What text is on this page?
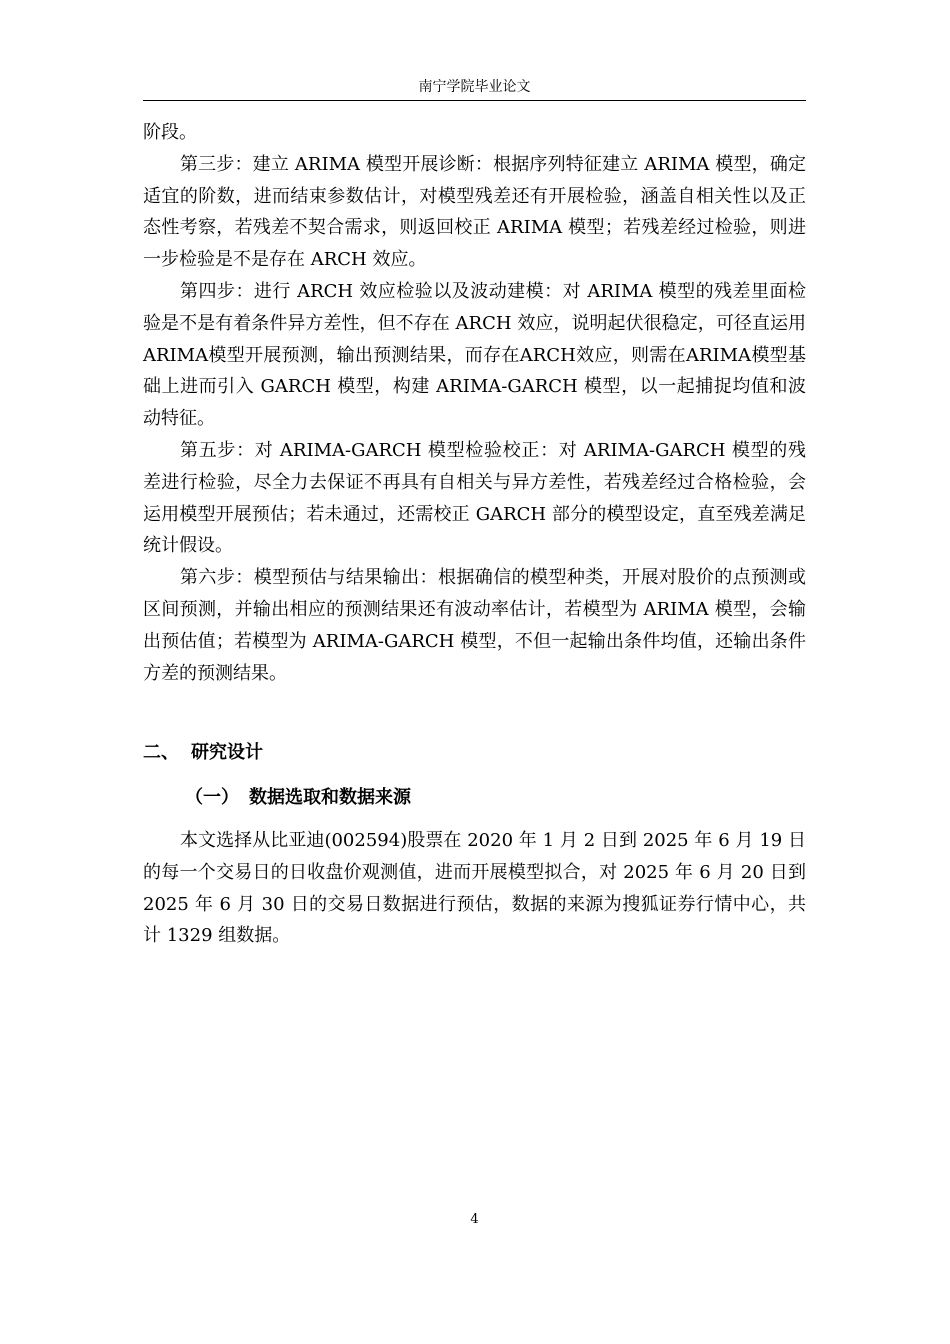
南宁学院毕业论文

阶段。

第三步：建立 ARIMA 模型开展诊断：根据序列特征建立 ARIMA 模型，确定适宜的阶数，进而结束参数估计，对模型残差还有开展检验，涵盖自相关性以及正态性考察，若残差不契合需求，则返回校正 ARIMA 模型；若残差经过检验，则进一步检验是不是存在 ARCH 效应。

第四步：进行 ARCH 效应检验以及波动建模：对 ARIMA 模型的残差里面检验是不是有着条件异方差性，但不存在 ARCH 效应，说明起伏很稳定，可径直运用ARIMA模型开展预测，输出预测结果，而存在ARCH效应，则需在ARIMA模型基础上进而引入 GARCH 模型，构建 ARIMA-GARCH 模型，以一起捕捉均值和波动特征。

第五步：对 ARIMA-GARCH 模型检验校正：对 ARIMA-GARCH 模型的残差进行检验，尽全力去保证不再具有自相关与异方差性，若残差经过合格检验，会运用模型开展预估；若未通过，还需校正 GARCH 部分的模型设定，直至残差满足统计假设。

第六步：模型预估与结果输出：根据确信的模型种类，开展对股价的点预测或区间预测，并输出相应的预测结果还有波动率估计，若模型为 ARIMA 模型，会输出预估值；若模型为 ARIMA-GARCH 模型，不但一起输出条件均值，还输出条件方差的预测结果。

二、 研究设计
（一） 数据选取和数据来源

本文选择从比亚迪(002594)股票在 2020 年 1 月 2 日到 2025 年 6 月 19 日的每一个交易日的日收盘价观测值，进而开展模型拟合，对 2025 年 6 月 20 日到 2025 年 6 月 30 日的交易日数据进行预估，数据的来源为搜狐证券行情中心，共计 1329 组数据。

4
